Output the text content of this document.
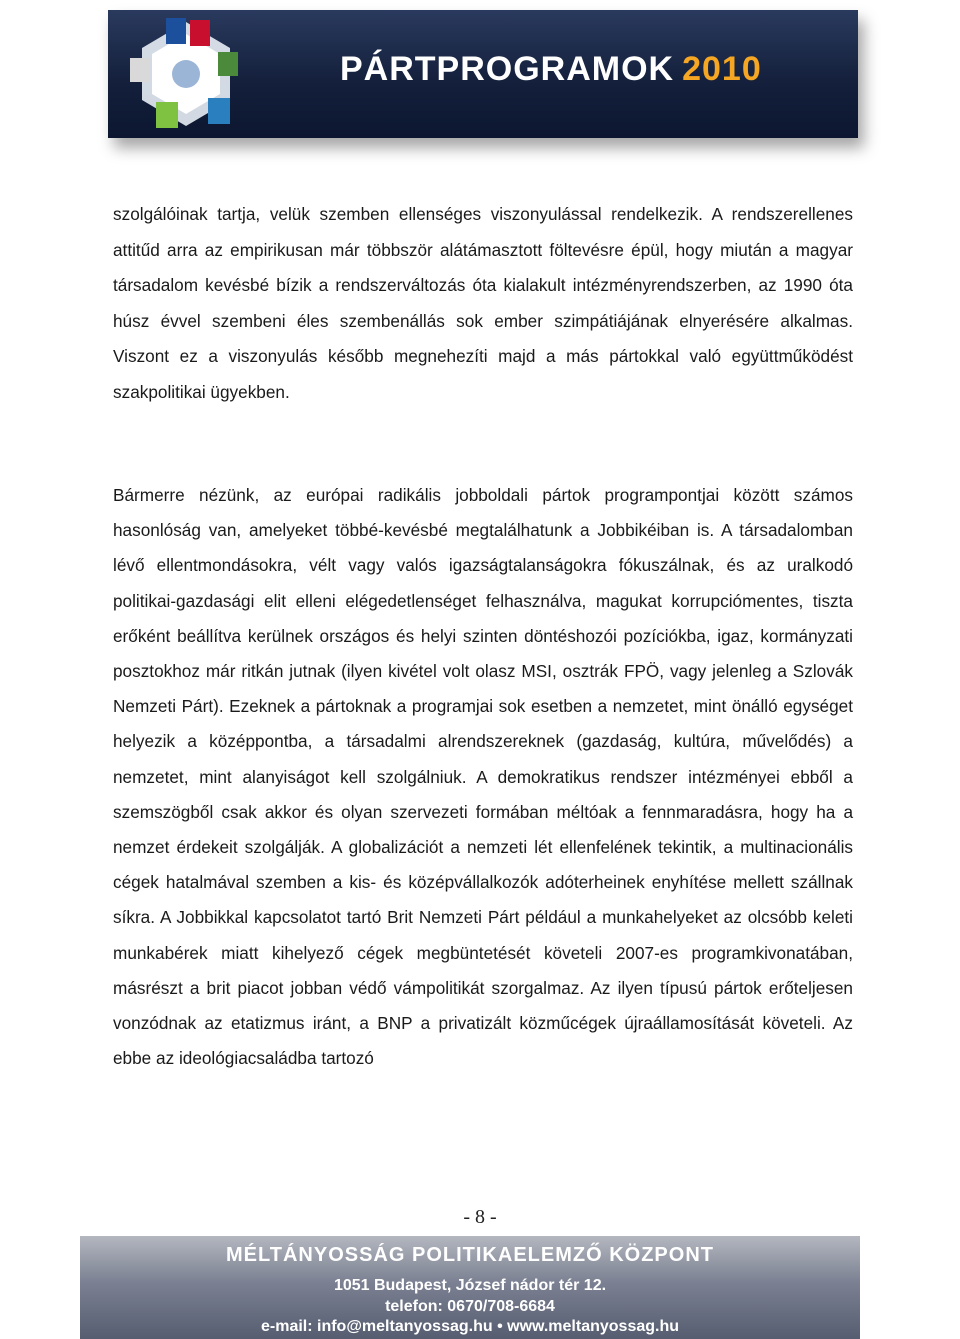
PÁRTPROGRAMOK 2010

szolgálóinak tartja, velük szemben ellenséges viszonyulással rendelkezik. A rendszerellenes attitűd arra az empirikusan már többször alátámasztott föltevésre épül, hogy miután a magyar társadalom kevésbé bízik a rendszerváltozás óta kialakult intézményrendszerben, az 1990 óta húsz évvel szembeni éles szembenállás sok ember szimpátiájának elnyerésére alkalmas. Viszont ez a viszonyulás később megnehezíti majd a más pártokkal való együttműködést szakpolitikai ügyekben.

Bármerre nézünk, az európai radikális jobboldali pártok programpontjai között számos hasonlóság van, amelyeket többé-kevésbé megtalálhatunk a Jobbikéiban is. A társadalomban lévő ellentmondásokra, vélt vagy valós igazságtalanságokra fókuszálnak, és az uralkodó politikai-gazdasági elit elleni elégedetlenséget felhasználva, magukat korrupciómentes, tiszta erőként beállítva kerülnek országos és helyi szinten döntéshozói pozíciókba, igaz, kormányzati posztokhoz már ritkán jutnak (ilyen kivétel volt olasz MSI, osztrák FPÖ, vagy jelenleg a Szlovák Nemzeti Párt). Ezeknek a pártoknak a programjai sok esetben a nemzetet, mint önálló egységet helyezik a középpontba, a társadalmi alrendszereknek (gazdaság, kultúra, művelődés) a nemzetet, mint alanyiságot kell szolgálniuk. A demokratikus rendszer intézményei ebből a szemszögből csak akkor és olyan szervezeti formában méltóak a fennmaradásra, hogy ha a nemzet érdekeit szolgálják. A globalizációt a nemzeti lét ellenfelének tekintik, a multinacionális cégek hatalmával szemben a kis- és középvállalkozók adóterheinek enyhítése mellett szállnak síkra. A Jobbikkal kapcsolatot tartó Brit Nemzeti Párt például a munkahelyeket az olcsóbb keleti munkabérek miatt kihelyező cégek megbüntetését követeli 2007-es programkivonatában, másrészt a brit piacot jobban védő vámpolitikát szorgalmaz. Az ilyen típusú pártok erőteljesen vonzódnak az etatizmus iránt, a BNP a privatizált közműcégek újraállamosítását követeli. Az ebbe az ideológiacsaládba tartozó

- 8 -
MÉLTÁNYOSSÁG POLITIKAELEMZŐ KÖZPONT
1051 Budapest, József nádor tér 12.
telefon: 0670/708-6684
e-mail: info@meltanyossag.hu • www.meltanyossag.hu
